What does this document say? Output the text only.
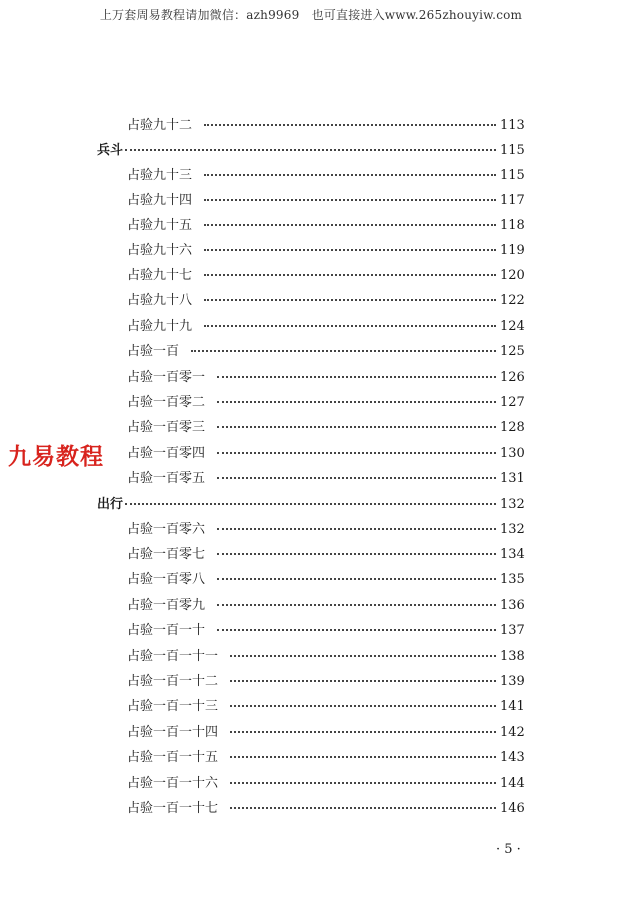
上万套周易教程请加微信：azh9969　也可直接进入www.265zhouyiw.com
九易教程
占验九十二	113
兵斗	115
占验九十三	115
占验九十四	117
占验九十五	118
占验九十六	119
占验九十七	120
占验九十八	122
占验九十九	124
占验一百	125
占验一百零一	126
占验一百零二	127
占验一百零三	128
占验一百零四	130
占验一百零五	131
出行	132
占验一百零六	132
占验一百零七	134
占验一百零八	135
占验一百零九	136
占验一百一十	137
占验一百一十一	138
占验一百一十二	139
占验一百一十三	141
占验一百一十四	142
占验一百一十五	143
占验一百一十六	144
占验一百一十七	146
· 5 ·
